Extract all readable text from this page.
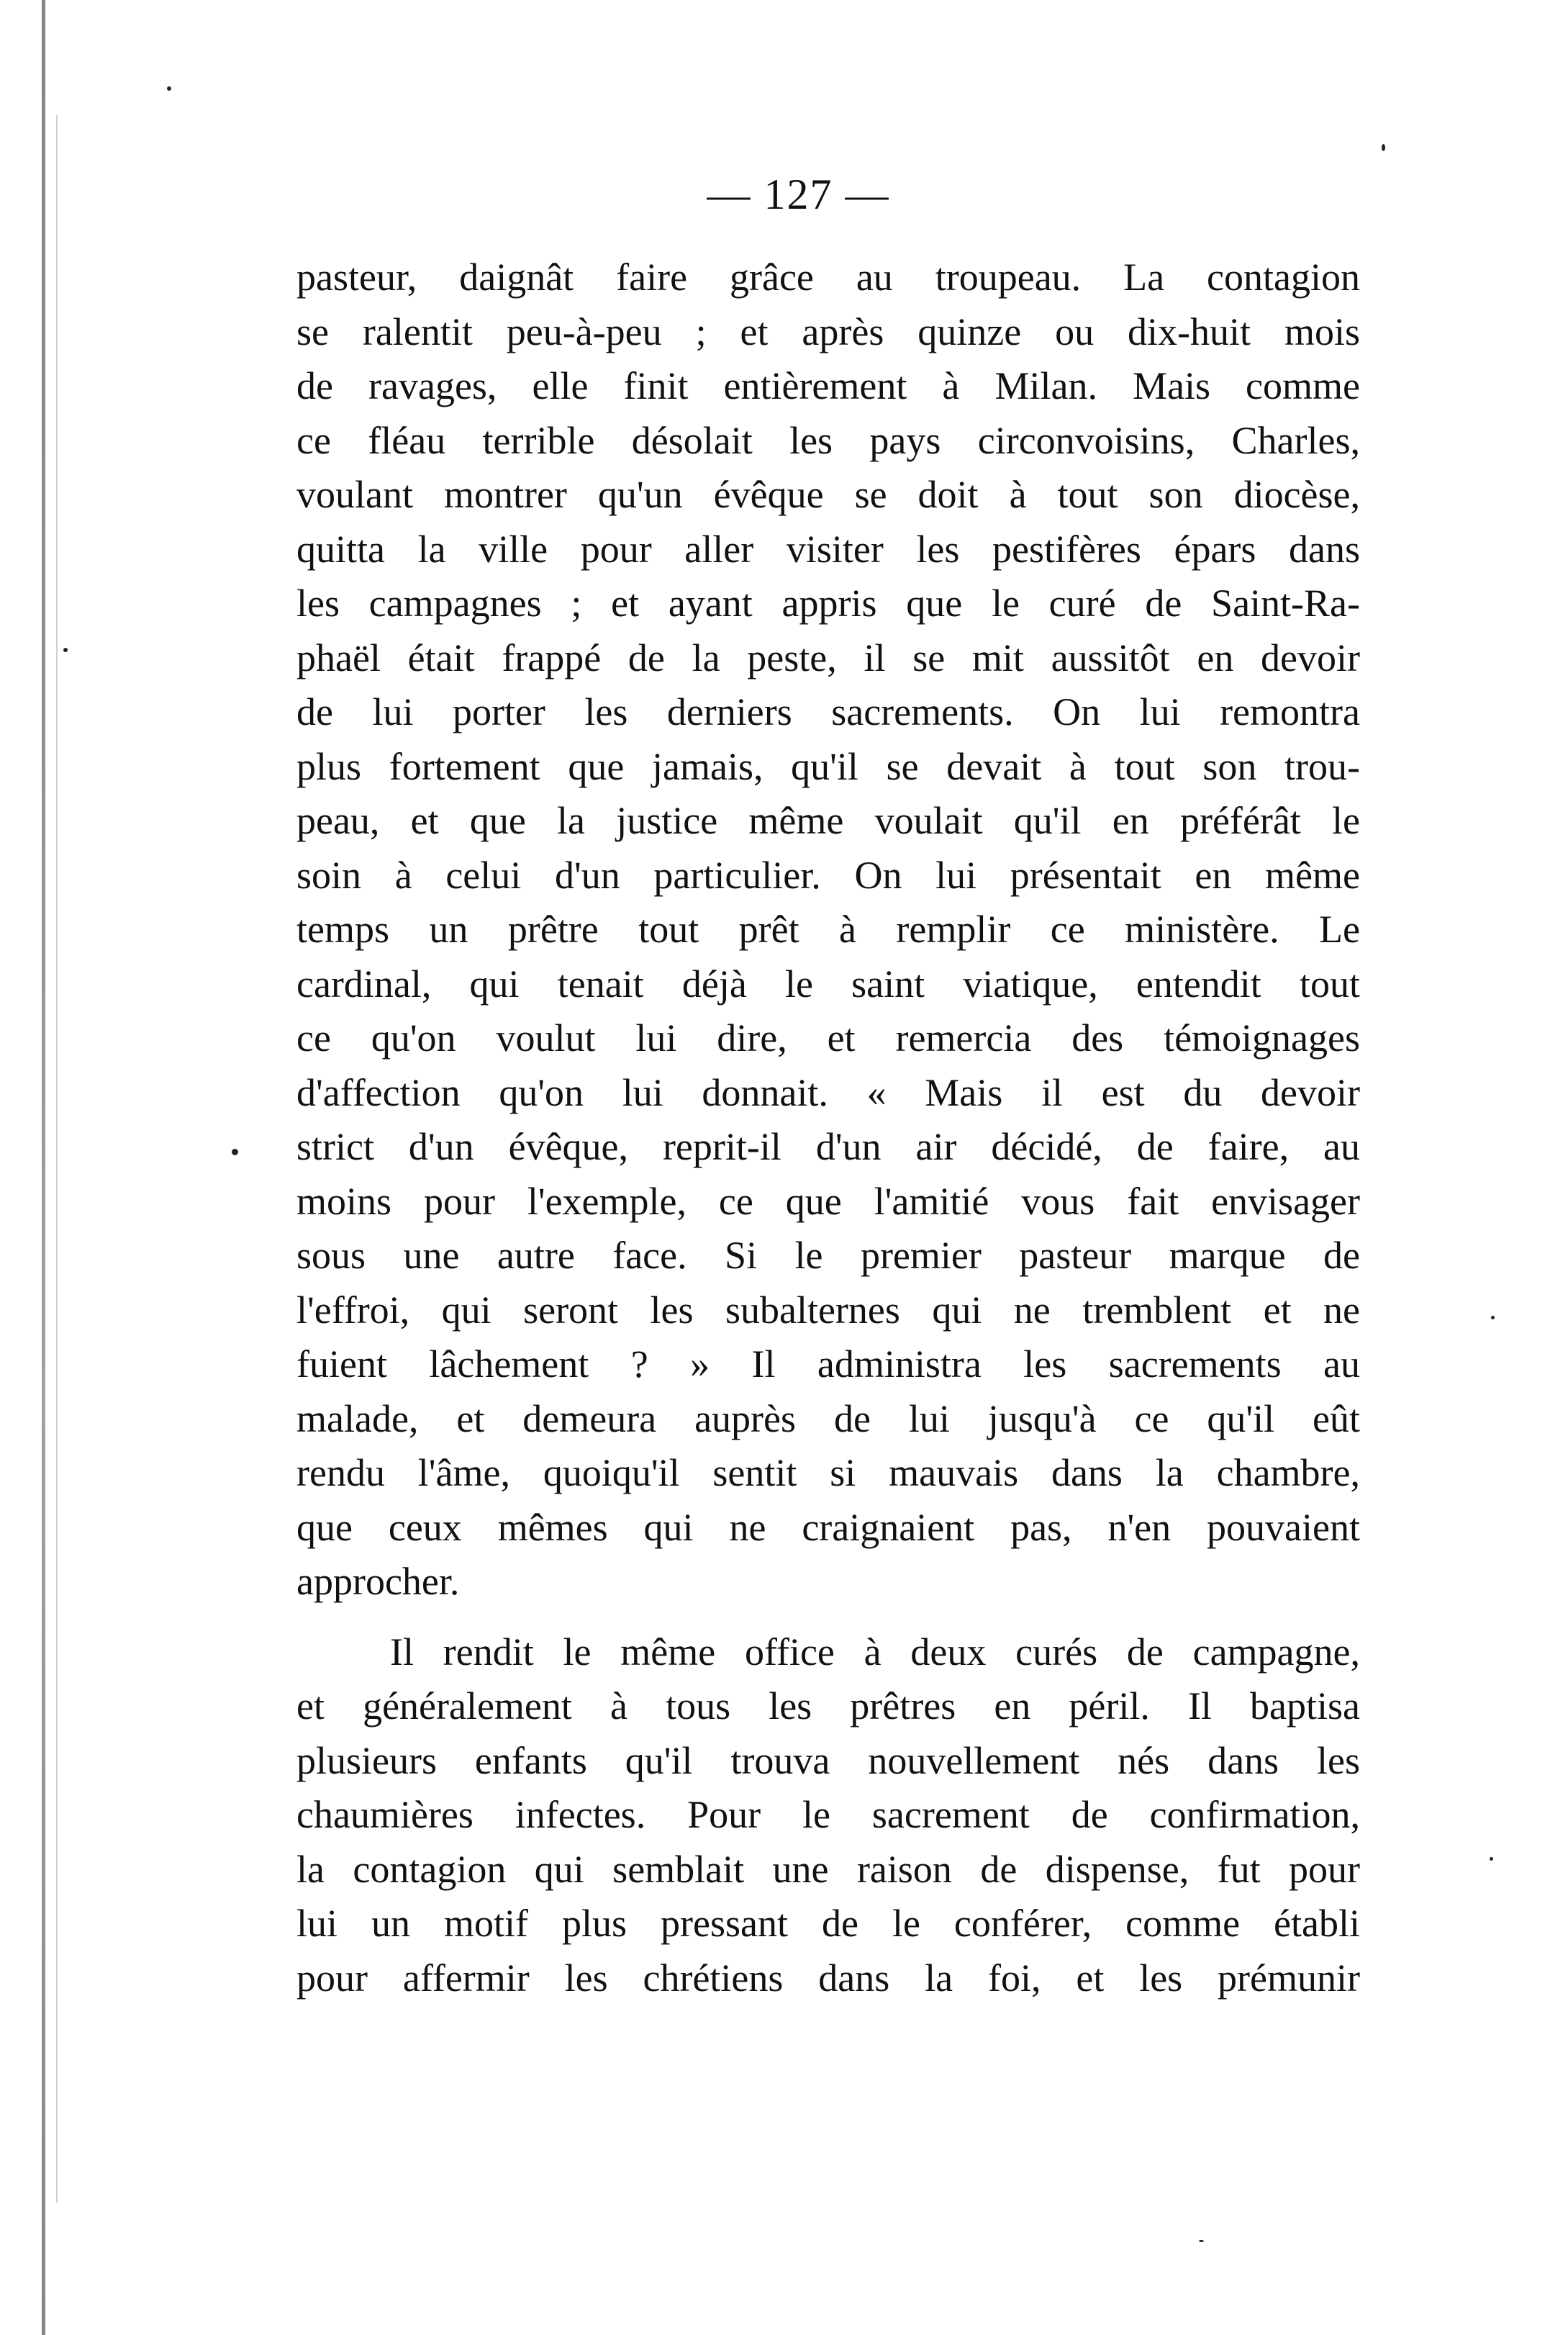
— 127 —
pasteur, daignât faire grâce au troupeau. La contagion
se ralentit peu-à-peu ; et après quinze ou dix-huit mois
de ravages, elle finit entièrement à Milan. Mais comme
ce fléau terrible désolait les pays circonvoisins, Charles,
voulant montrer qu'un évêque se doit à tout son diocèse,
quitta la ville pour aller visiter les pestifères épars dans
les campagnes ; et ayant appris que le curé de Saint-Ra-
phaël était frappé de la peste, il se mit aussitôt en devoir
de lui porter les derniers sacrements. On lui remontra
plus fortement que jamais, qu'il se devait à tout son trou-
peau, et que la justice même voulait qu'il en préférât le
soin à celui d'un particulier. On lui présentait en même
temps un prêtre tout prêt à remplir ce ministère. Le
cardinal, qui tenait déjà le saint viatique, entendit tout
ce qu'on voulut lui dire, et remercia des témoignages
d'affection qu'on lui donnait. « Mais il est du devoir
strict d'un évêque, reprit-il d'un air décidé, de faire, au
moins pour l'exemple, ce que l'amitié vous fait envisager
sous une autre face. Si le premier pasteur marque de
l'effroi, qui seront les subalternes qui ne tremblent et ne
fuient lâchement ? » Il administra les sacrements au
malade, et demeura auprès de lui jusqu'à ce qu'il eût
rendu l'âme, quoiqu'il sentit si mauvais dans la chambre,
que ceux mêmes qui ne craignaient pas, n'en pouvaient
approcher.
Il rendit le même office à deux curés de campagne,
et généralement à tous les prêtres en péril. Il baptisa
plusieurs enfants qu'il trouva nouvellement nés dans les
chaumières infectes. Pour le sacrement de confirmation,
la contagion qui semblait une raison de dispense, fut pour
lui un motif plus pressant de le conférer, comme établi
pour affermir les chrétiens dans la foi, et les prémunir
